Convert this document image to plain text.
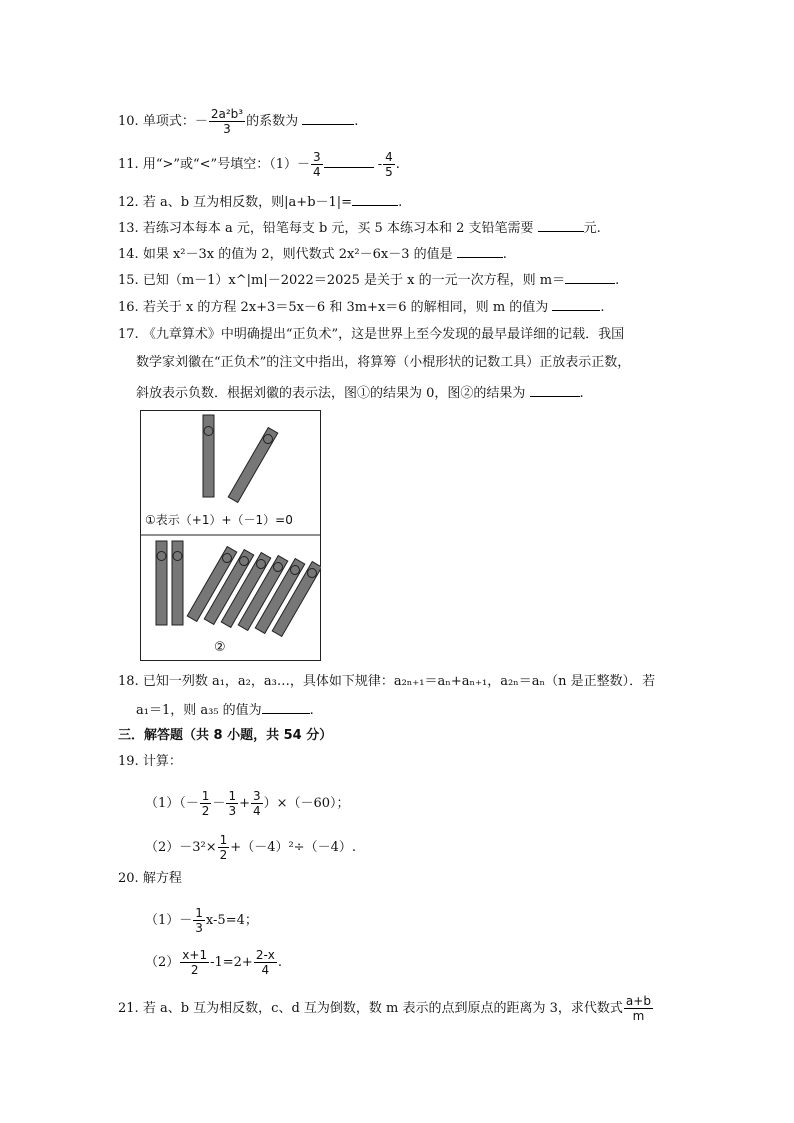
10. 单项式：－ $\frac{\text{2a²b³}}{3}$ 的系数为	.
11. 用“>”或“<”号填空：$(1)- \frac{3}{4}$	- $\frac{4}{5}$ .
12. 若 a、b 互为相反数，则|a+b－1|=	.
13. 若练习本每本 a 元，铅笔每支 b 元，买 5 本练习本和 2 支铅笔需要	元.
14. 如果 x²－3x 的值为 2，则代数式 2x²－6x－3 的值是	.
15. 已知（m－1）x^|m|－2022＝2025 是关于 x 的一元一次方程，则 m＝	.
16. 若关于 x 的方程 2x+3＝5x－6 和 3m+x＝6 的解相同，则 m 的值为	.
17. 《九章算术》中明确提出“正负术”，这是世界上至今发现的最早最详细的记载．我国
数学家刘徽在“正负术”的注文中指出，将算筹（小棍形状的记数工具）正放表示正数，
斜放表示负数．根据刘徽的表示法，图①的结果为 0，图②的结果为	.
①表示（+1）+（－1）=0
②
18. 已知一列数 a₁，a₂，a₃…，具体如下规律：a₂ₙ₊₁＝aₙ+aₙ₊₁，a₂ₙ＝aₙ（n 是正整数）．若
a₁＝1，则 a₃₅ 的值为	.
三．解答题（共 8 小题，共 54 分）
19. 计算：
$(1)(- \frac{1}{2} - \frac{1}{3} + \frac{3}{4} )\times(-60)$；
$(2)-3^2\times \frac{1}{2} +(-4)^2\div(-4)$.
20. 解方程
$(1)- \frac{1}{3} x-5=4$；
$(2) \frac{x+1}{2} -1=2+ \frac{2-x}{4}$ .
21. 若 a、b 互为相反数，c、d 互为倒数，数 m 表示的点到原点的距离为 3，求代数式 $\frac{a+b}{m}$
